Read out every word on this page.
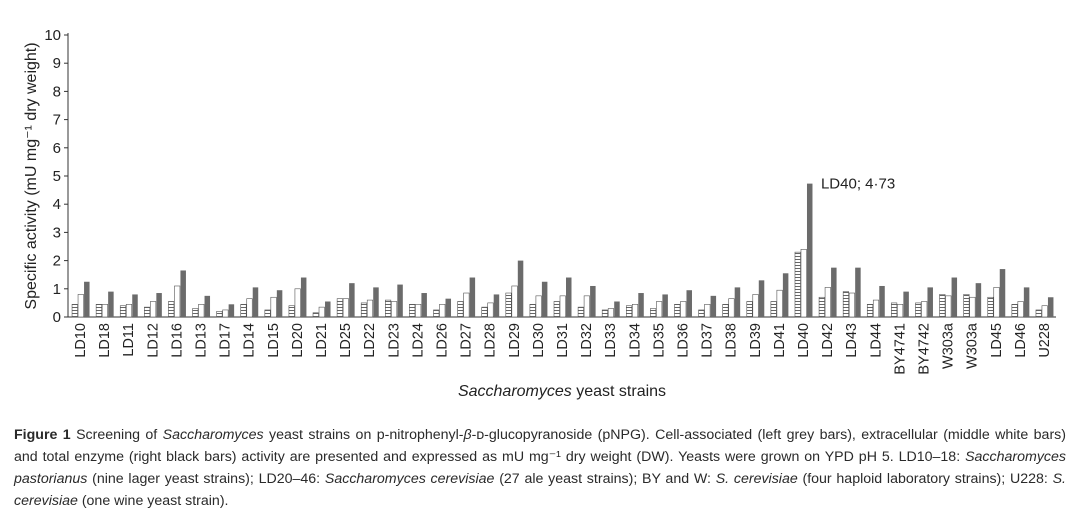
0
1
2
3
4
5
6
7
8
9
10
Specific activity (mU mg⁻¹ dry weight)
LD10 LD18 LD11 LD12 LD16 LD13 LD17 LD14 LD15 LD20 LD21 LD25 LD22 LD23 LD24 LD26 LD27 LD28 LD29 LD30 LD31 LD32 LD33 LD34 LD35 LD36 LD37 LD38 LD39 LD41 LD40 LD42 LD43 LD44 BY4741 BY4742 W303a W303a LD45 LD46 U228
LD40; 4·73
Saccharomyces yeast strains
Figure 1 Screening of Saccharomyces yeast strains on p-nitrophenyl-β-ᴅ-glucopyranoside (pNPG). Cell-associated (left grey bars), extracellular (middle white bars) and total enzyme (right black bars) activity are presented and expressed as mU mg⁻¹ dry weight (DW). Yeasts were grown on YPD pH 5. LD10–18: Saccharomyces pastorianus (nine lager yeast strains); LD20–46: Saccharomyces cerevisiae (27 ale yeast strains); BY and W: S. cerevisiae (four haploid laboratory strains); U228: S. cerevisiae (one wine yeast strain).
